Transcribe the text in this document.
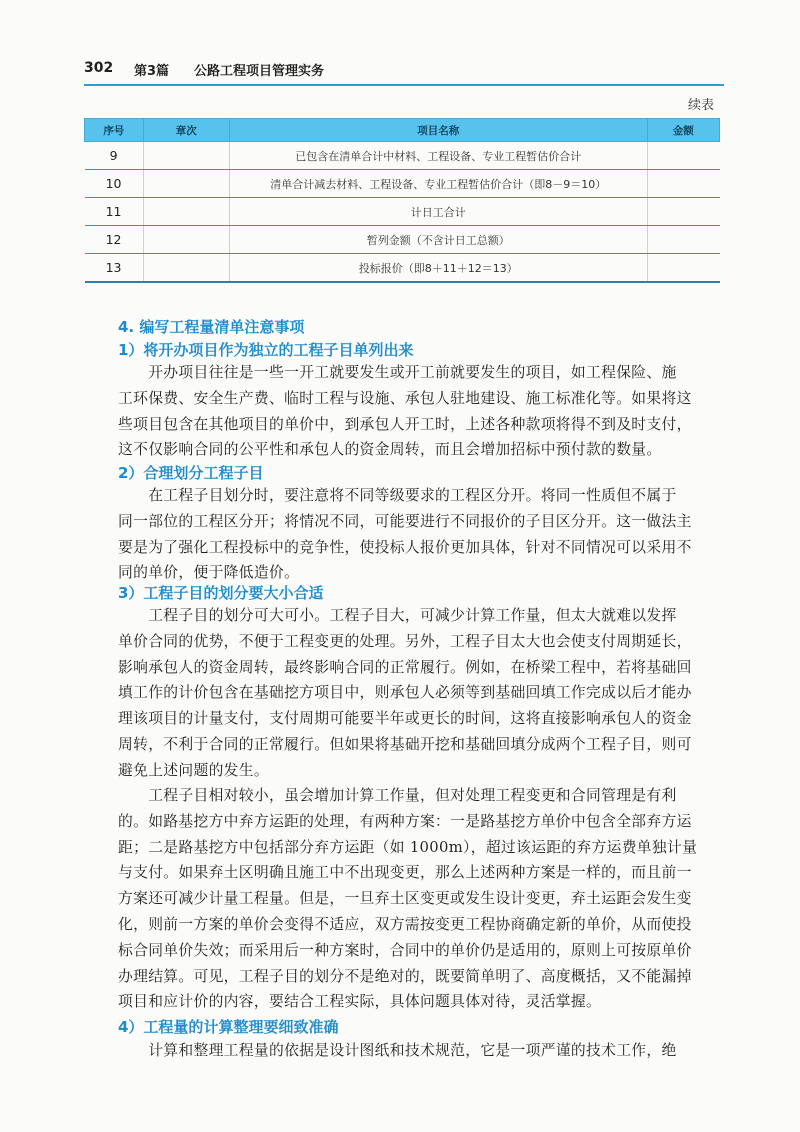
302 第3篇 公路工程项目管理实务
续表
序号	章次	项目名称	金额
9		已包含在清单合计中材料、工程设备、专业工程暂估价合计	
10		清单合计减去材料、工程设备、专业工程暂估价合计（即8－9＝10）	
11		计日工合计	
12		暂列金额（不含计日工总额）	
13		投标报价（即8＋11＋12＝13）	
4. 编写工程量清单注意事项
1）将开办项目作为独立的工程子目单列出来
　　开办项目往往是一些一开工就要发生或开工前就要发生的项目，如工程保险、施
工环保费、安全生产费、临时工程与设施、承包人驻地建设、施工标准化等。如果将这
些项目包含在其他项目的单价中，到承包人开工时，上述各种款项将得不到及时支付，
这不仅影响合同的公平性和承包人的资金周转，而且会增加招标中预付款的数量。
2）合理划分工程子目
　　在工程子目划分时，要注意将不同等级要求的工程区分开。将同一性质但不属于
同一部位的工程区分开；将情况不同，可能要进行不同报价的子目区分开。这一做法主
要是为了强化工程投标中的竞争性，使投标人报价更加具体，针对不同情况可以采用不
同的单价，便于降低造价。
3）工程子目的划分要大小合适
　　工程子目的划分可大可小。工程子目大，可减少计算工作量，但太大就难以发挥
单价合同的优势，不便于工程变更的处理。另外，工程子目太大也会使支付周期延长，
影响承包人的资金周转，最终影响合同的正常履行。例如，在桥梁工程中，若将基础回
填工作的计价包含在基础挖方项目中，则承包人必须等到基础回填工作完成以后才能办
理该项目的计量支付，支付周期可能要半年或更长的时间，这将直接影响承包人的资金
周转，不利于合同的正常履行。但如果将基础开挖和基础回填分成两个工程子目，则可
避免上述问题的发生。
　　工程子目相对较小，虽会增加计算工作量，但对处理工程变更和合同管理是有利
的。如路基挖方中弃方运距的处理，有两种方案：一是路基挖方单价中包含全部弃方运
距；二是路基挖方中包括部分弃方运距（如 1000m），超过该运距的弃方运费单独计量
与支付。如果弃土区明确且施工中不出现变更，那么上述两种方案是一样的，而且前一
方案还可减少计量工程量。但是，一旦弃土区变更或发生设计变更，弃土运距会发生变
化，则前一方案的单价会变得不适应，双方需按变更工程协商确定新的单价，从而使投
标合同单价失效；而采用后一种方案时，合同中的单价仍是适用的，原则上可按原单价
办理结算。可见，工程子目的划分不是绝对的，既要简单明了、高度概括，又不能漏掉
项目和应计价的内容，要结合工程实际，具体问题具体对待，灵活掌握。
4）工程量的计算整理要细致准确
　　计算和整理工程量的依据是设计图纸和技术规范，它是一项严谨的技术工作，绝
